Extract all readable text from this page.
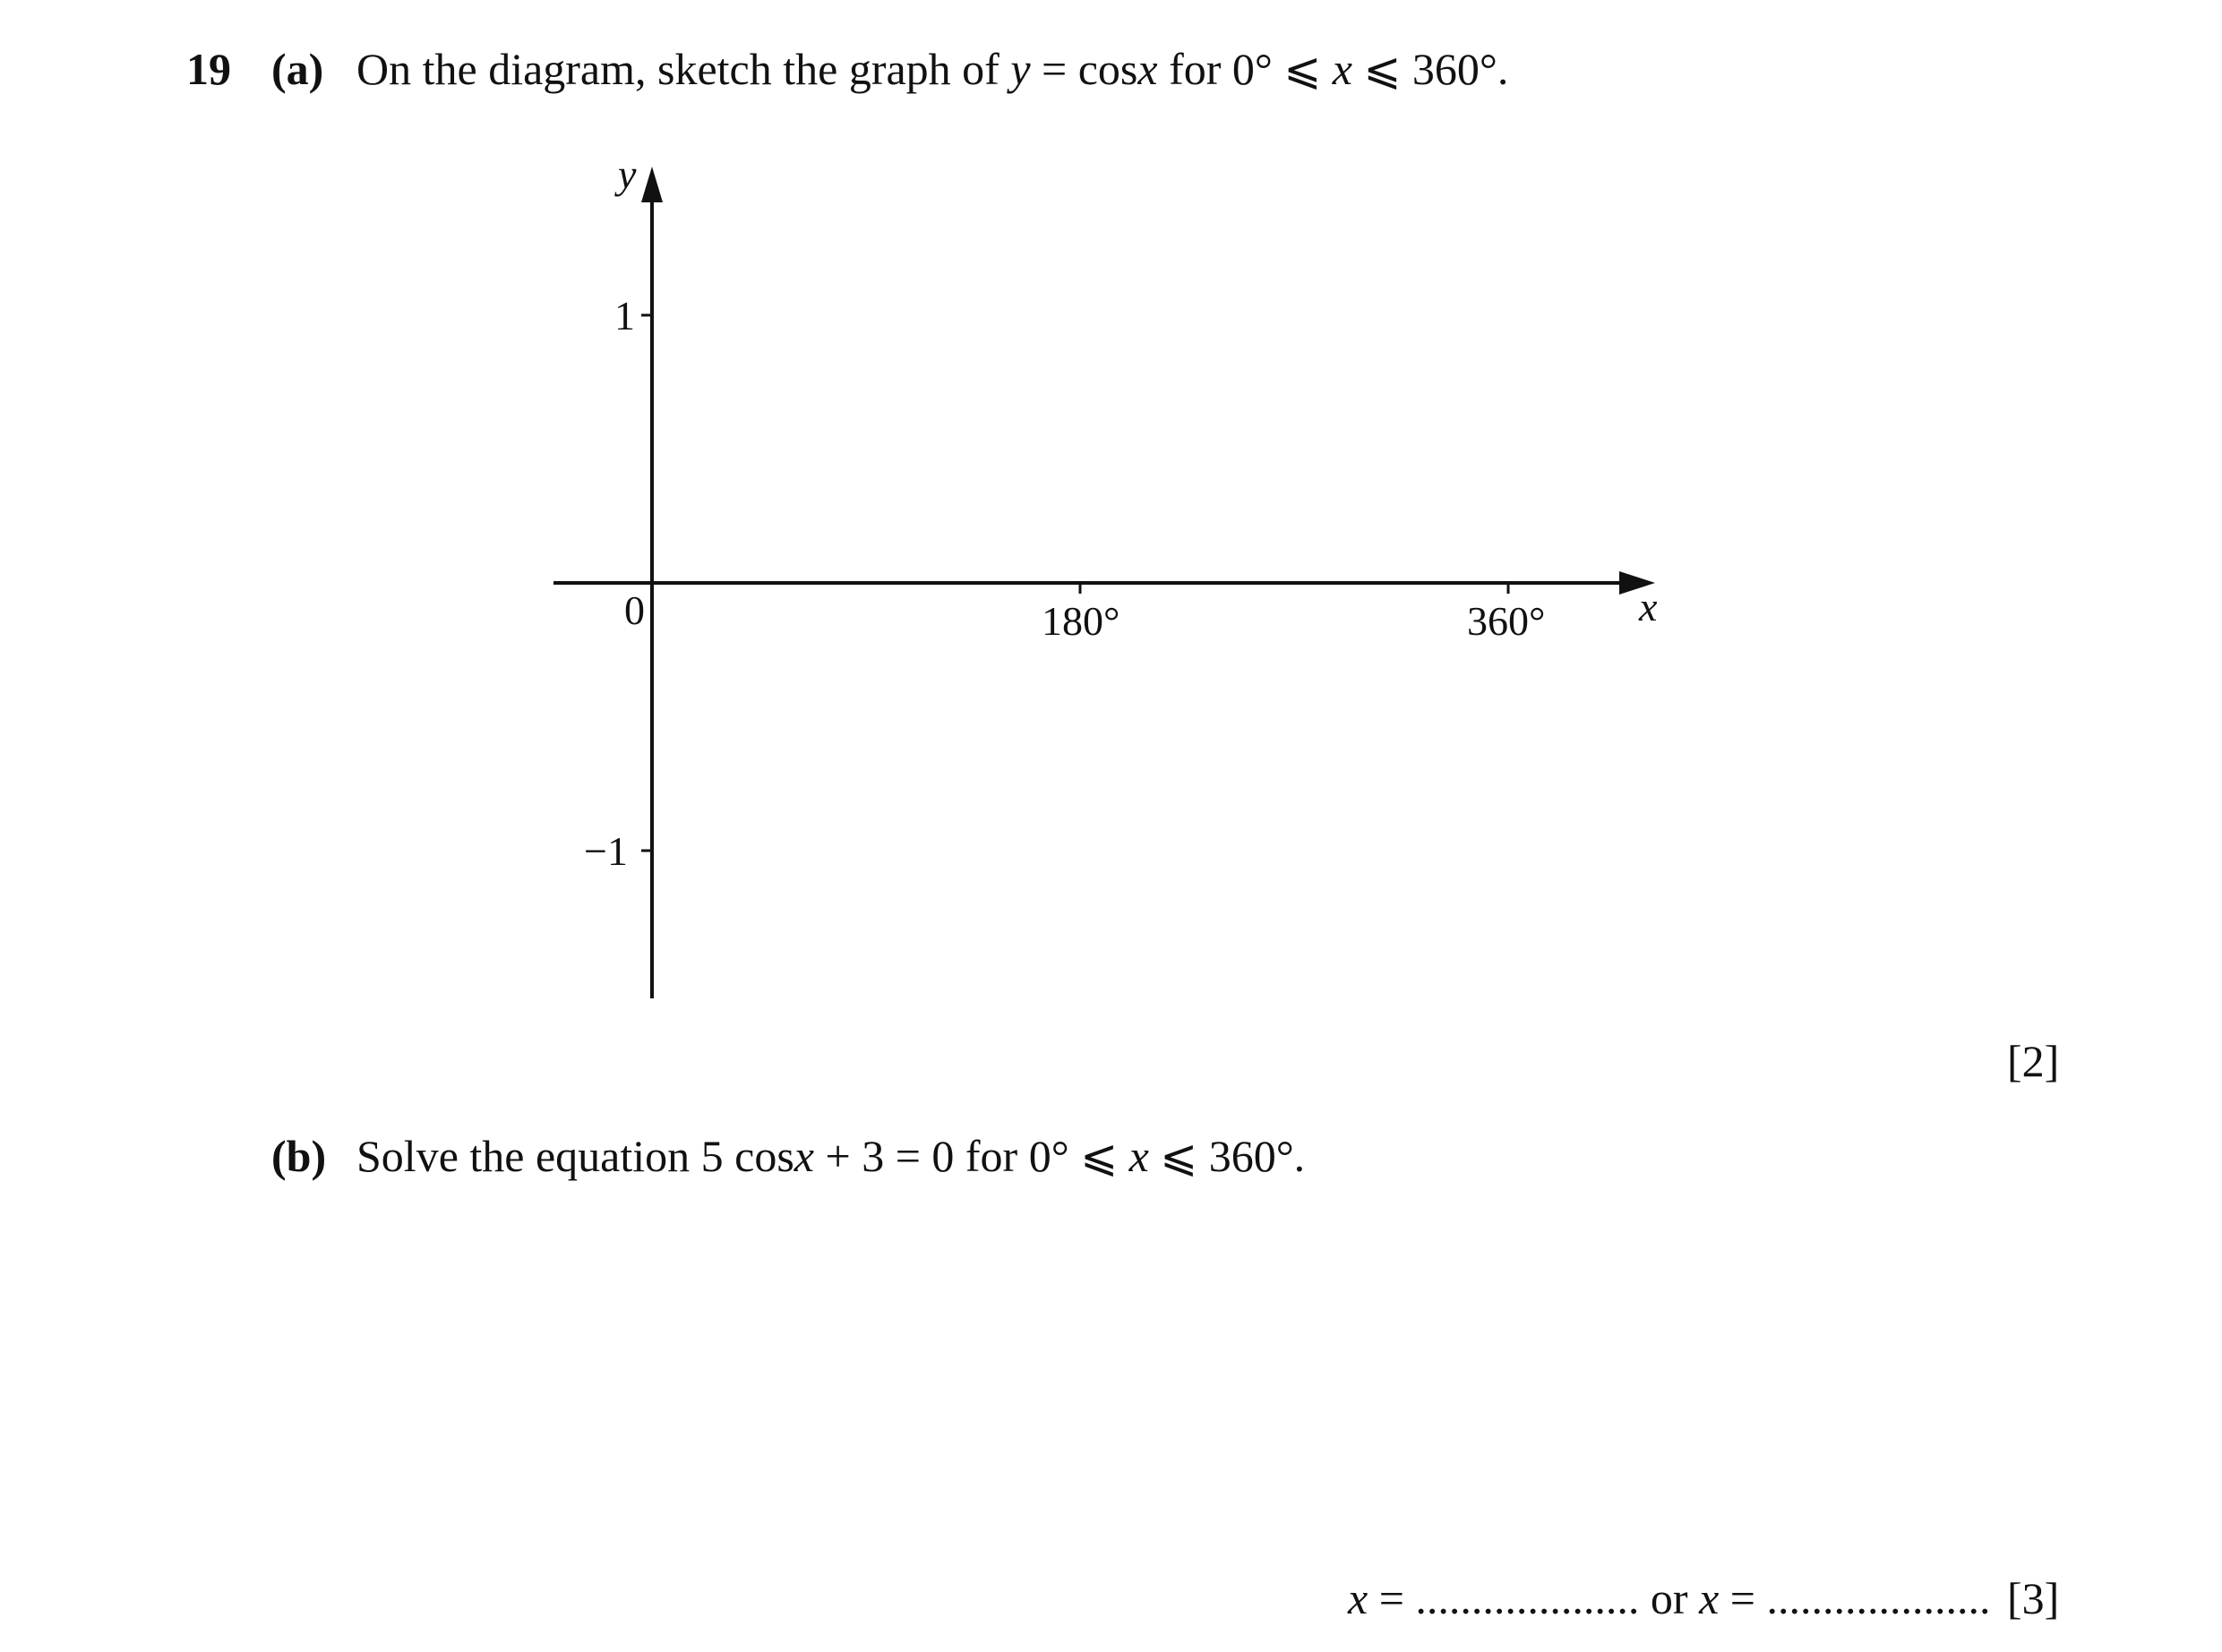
19 (a) On the diagram, sketch the graph of y = cosx for 0° ⩽ x ⩽ 360°.
y
x
0	180°	360°
1
−1
[2]
(b) Solve the equation 5 cosx + 3 = 0 for 0° ⩽ x ⩽ 360°.
x = .................... or x = .................... [3]
